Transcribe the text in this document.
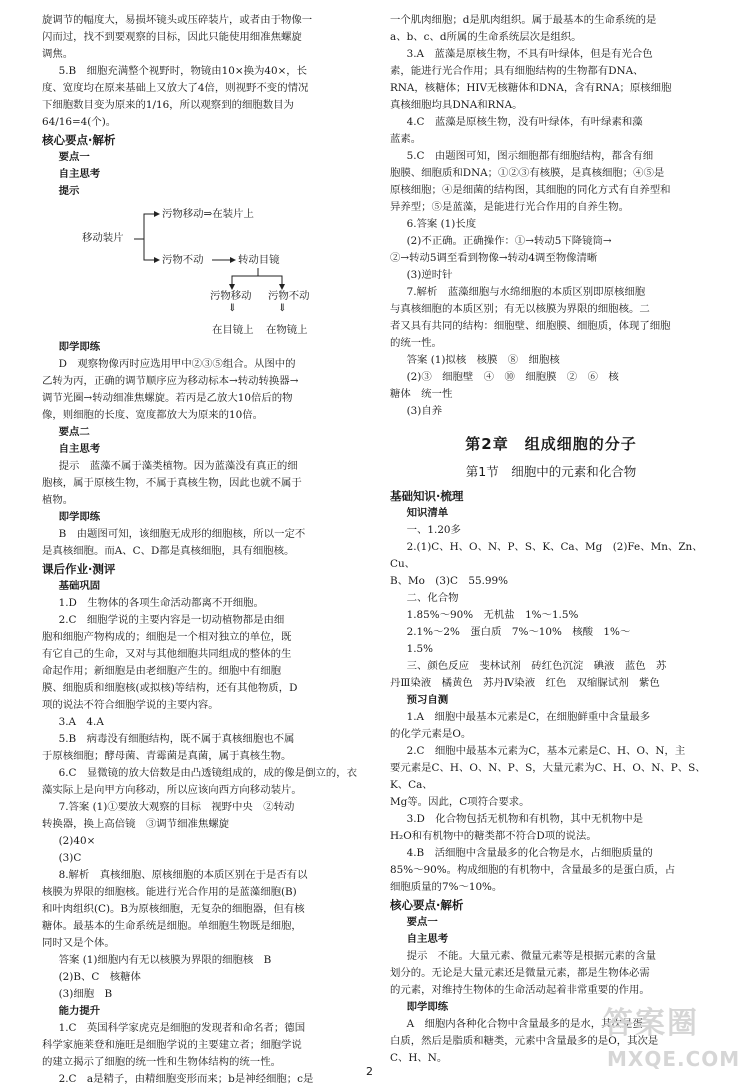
旋调节的幅度大，易损坏镜头或压碎装片，或者由于物像一

闪而过，找不到要观察的目标，因此只能使用细准焦螺旋

调焦。

5.B　细胞充满整个视野时，物镜由10×换为40×，长

度、宽度均在原来基础上又放大了4倍，则视野不变的情况

下细胞数目变为原来的1/16，所以观察到的细胞数目为

64/16=4(个)。

核心要点·解析

要点一

自主思考

提示

移动装片
污物移动⇒在装片上
污物不动	转动目镜
污物移动 污物不动
⇓	⇓
在目镜上 在物镜上

即学即练

D　观察物像丙时应选用甲中②③⑤组合。从图中的

乙转为丙，正确的调节顺序应为移动标本→转动转换器→

调节光圈→转动细准焦螺旋。若丙是乙放大10倍后的物

像，则细胞的长度、宽度都放大为原来的10倍。

要点二

自主思考

提示　蓝藻不属于藻类植物。因为蓝藻没有真正的细

胞核，属于原核生物，不属于真核生物，因此也就不属于

植物。

即学即练

B　由题图可知，该细胞无成形的细胞核，所以一定不

是真核细胞。而A、C、D都是真核细胞，具有细胞核。

课后作业·测评

基础巩固

1.D　生物体的各项生命活动都离不开细胞。

2.C　细胞学说的主要内容是一切动植物都是由细

胞和细胞产物构成的；细胞是一个相对独立的单位，既

有它自己的生命，又对与其他细胞共同组成的整体的生

命起作用；新细胞是由老细胞产生的。细胞中有细胞

膜、细胞质和细胞核(或拟核)等结构，还有其他物质，D

项的说法不符合细胞学说的主要内容。

3.A　4.A

5.B　病毒没有细胞结构，既不属于真核细胞也不属

于原核细胞；酵母菌、青霉菌是真菌，属于真核生物。

6.C　显微镜的放大倍数是由凸透镜组成的，成的像是倒立的，衣

藻实际上是向甲方向移动，所以应该向西方向移动装片。

7.答案 (1)①要放大观察的目标　视野中央　②转动

转换器，换上高倍镜　③调节细准焦螺旋

(2)40×

(3)C

8.解析　真核细胞、原核细胞的本质区别在于是否有以

核膜为界限的细胞核。能进行光合作用的是蓝藻细胞(B)

和叶肉组织(C)。B为原核细胞，无复杂的细胞器，但有核

糖体。最基本的生命系统是细胞。单细胞生物既是细胞，

同时又是个体。

答案 (1)细胞内有无以核膜为界限的细胞核　B

(2)B、C　核糖体

(3)细胞　B

能力提升

1.C　英国科学家虎克是细胞的发现者和命名者；德国

科学家施莱登和施旺是细胞学说的主要建立者；细胞学说

的建立揭示了细胞的统一性和生物体结构的统一性。

2.C　a是精子，由精细胞变形而来；b是神经细胞；c是

一个肌肉细胞；d是肌肉组织。属于最基本的生命系统的是

a、b、c、d所属的生命系统层次是组织。

3.A　蓝藻是原核生物，不具有叶绿体，但是有光合色

素，能进行光合作用；具有细胞结构的生物都有DNA、

RNA，核糖体；HIV无核糖体和DNA，含有RNA；原核细胞

真核细胞均具DNA和RNA。

4.C　蓝藻是原核生物，没有叶绿体，有叶绿素和藻

蓝素。

5.C　由题图可知，图示细胞都有细胞结构，都含有细

胞膜、细胞质和DNA；①②③有核膜，是真核细胞；④⑤是

原核细胞；④是细菌的结构图，其细胞的同化方式有自养型和

异养型；⑤是蓝藻，是能进行光合作用的自养生物。

6.答案 (1)长度

(2)不正确。正确操作：①→转动5下降镜筒→

②→转动5调至看到物像→转动4调至物像清晰

(3)逆时针

7.解析　蓝藻细胞与水绵细胞的本质区别即原核细胞

与真核细胞的本质区别；有无以核膜为界限的细胞核。二

者又具有共同的结构：细胞壁、细胞膜、细胞质，体现了细胞

的统一性。

答案 (1)拟核　核膜　⑧　细胞核

(2)③　细胞壁　④　⑩　细胞膜　②　⑥　核

糖体　统一性

(3)自养

第2章　组成细胞的分子

第1节　细胞中的元素和化合物

基础知识·梳理

知识清单

一、1.20多

2.(1)C、H、O、N、P、S、K、Ca、Mg　(2)Fe、Mn、Zn、Cu、

B、Mo　(3)C　55.99%

二、化合物

1.85%～90%　无机盐　1%～1.5%

2.1%～2%　蛋白质　7%～10%　核酸　1%～

1.5%

三、颜色反应　斐林试剂　砖红色沉淀　碘液　蓝色　苏

丹Ⅲ染液　橘黄色　苏丹Ⅳ染液　红色　双缩脲试剂　紫色

预习自测

1.A　细胞中最基本元素是C，在细胞鲜重中含量最多

的化学元素是O。

2.C　细胞中最基本元素为C，基本元素是C、H、O、N，主

要元素是C、H、O、N、P、S，大量元素为C、H、O、N、P、S、K、Ca、

Mg等。因此，C项符合要求。

3.D　化合物包括无机物和有机物，其中无机物中是

H₂O和有机物中的糖类都不符合D项的说法。

4.B　活细胞中含量最多的化合物是水，占细胞质量的

85%～90%。构成细胞的有机物中，含量最多的是蛋白质，占

细胞质量的7%～10%。

核心要点·解析

要点一

自主思考

提示　不能。大量元素、微量元素等是根据元素的含量

划分的。无论是大量元素还是微量元素，都是生物体必需

的元素，对维持生物体的生命活动起着非常重要的作用。

即学即练

A　细胞内各种化合物中含量最多的是水，其次是蛋

白质，然后是脂质和糖类，元素中含量最多的是O，其次是

C、H、N。

2
答案圈
MXQE.COM
